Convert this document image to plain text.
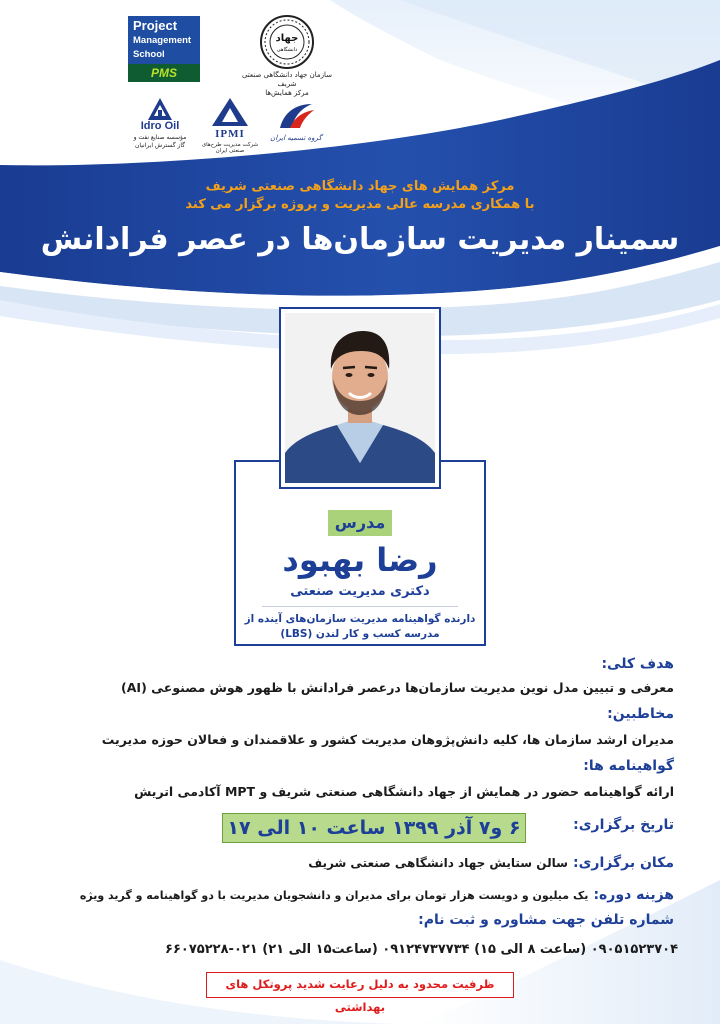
Project
Management
School
PMS
جهاد
دانشگاهی
سازمان جهاد دانشگاهی صنعتی شریف
مرکز همایش‌ها
Idro Oil
مؤسسه صنایع نفت و
گاز گسترش ایرانیان
IPMI
شرکت مدیریت طرح‌های صنعتی ایران
گروه تسمیه ایران
مرکز همایش های جهاد دانشگاهی صنعتی شریف
با همکاری مدرسه عالی مدیریت و پروژه برگزار می کند
سمینار مدیریت سازمان‌ها در عصر فرادانش
مدرس
رضا بهبود
دکتری مدیریت صنعتی
دارنده گواهینامه مدیریت سازمان‌های آینده از
مدرسه کسب و کار لندن (LBS)
هدف کلی:
معرفی و تبیین مدل نوین مدیریت سازمان‌ها درعصر فرادانش با ظهور هوش مصنوعی (AI)
مخاطبین:
مدیران ارشد سازمان ها، کلیه دانش‌پژوهان مدیریت کشور و علاقمندان و فعالان حوزه مدیریت
گواهینامه ها:
ارائه گواهینامه حضور در همایش از جهاد دانشگاهی صنعتی شریف و MPT آکادمی اتریش
تاریخ برگزاری:
۶ و۷ آذر ۱۳۹۹ ساعت ۱۰ الی ۱۷
مکان برگزاری: سالن ستایش جهاد دانشگاهی صنعتی شریف
هزینه دوره: یک میلیون و دویست هزار تومان برای مدیران و دانشجویان مدیریت با دو گواهینامه و گرید ویژه
شماره تلفن جهت مشاوره و ثبت نام:
۰۹۰۵۱۵۲۳۷۰۴ (ساعت ۸ الی ۱۵) ۰۹۱۲۴۷۳۷۷۳۴ (ساعت۱۵ الی ۲۱) ۰۲۱-۶۶۰۷۵۲۲۸
ظرفیت محدود به دلیل رعایت شدید پروتکل های بهداشتی
